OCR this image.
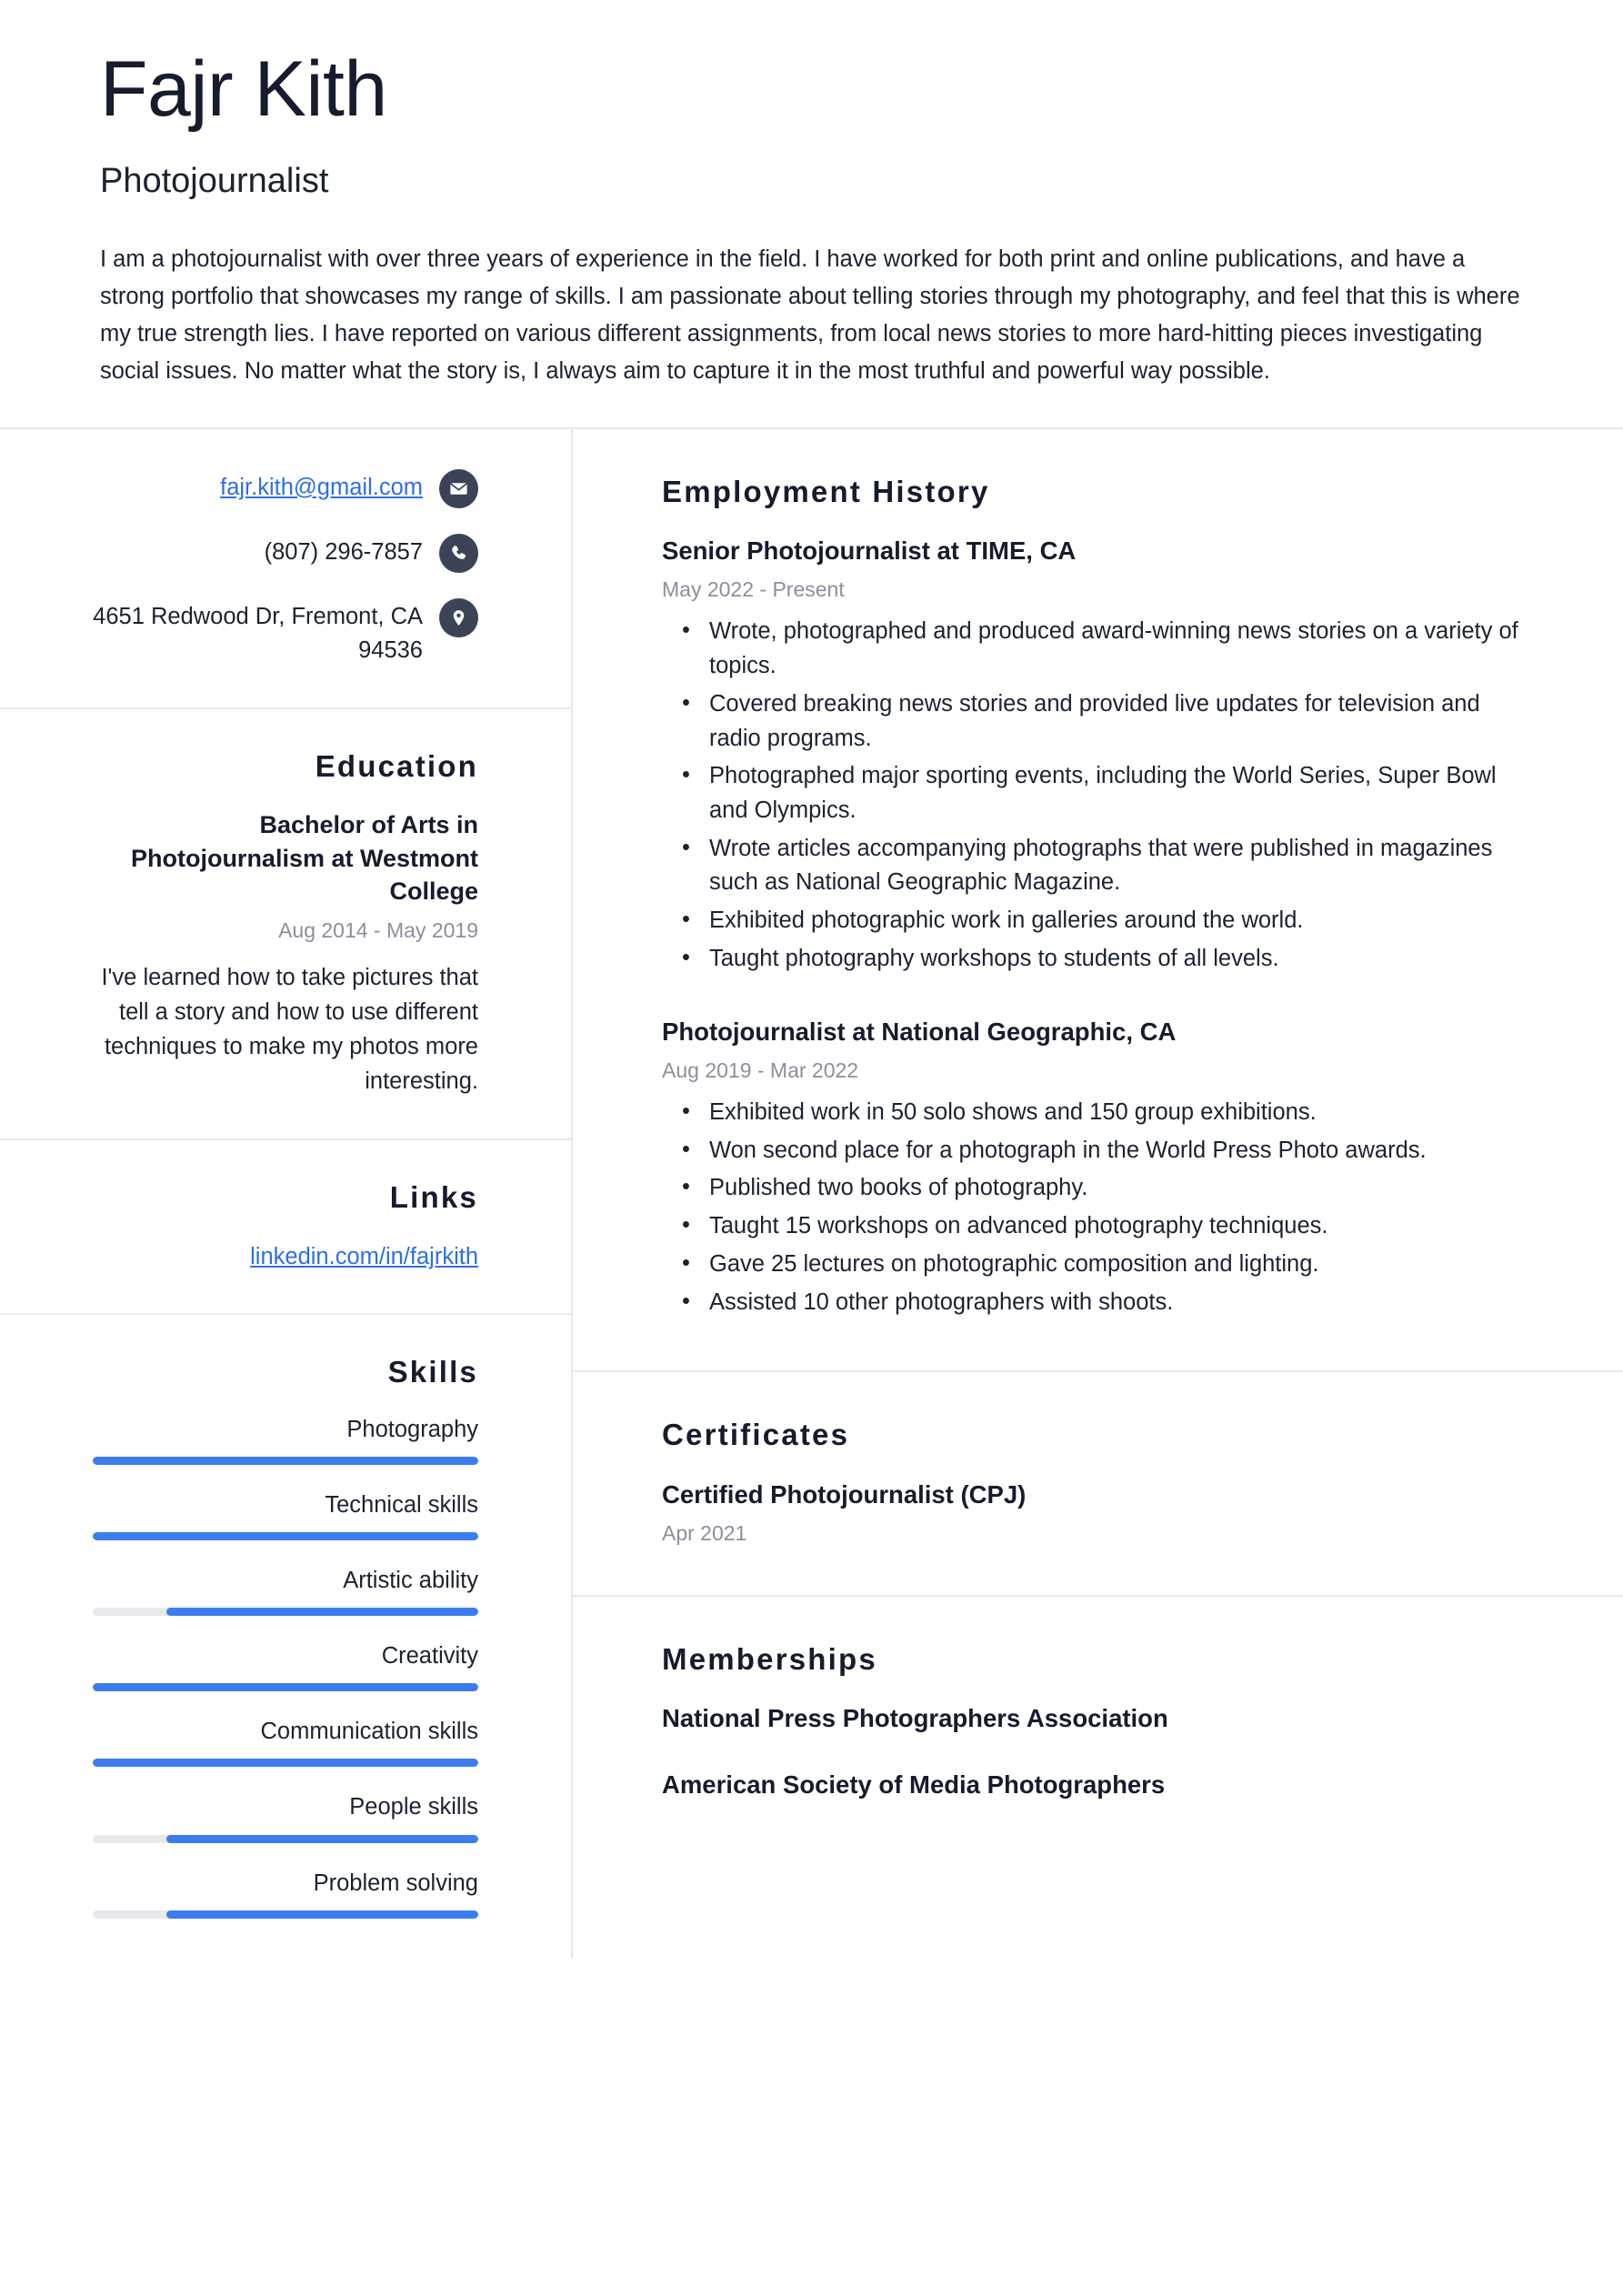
Fajr Kith
Photojournalist

I am a photojournalist with over three years of experience in the field. I have worked for both print and online publications, and have a strong portfolio that showcases my range of skills. I am passionate about telling stories through my photography, and feel that this is where my true strength lies. I have reported on various different assignments, from local news stories to more hard-hitting pieces investigating social issues. No matter what the story is, I always aim to capture it in the most truthful and powerful way possible.

fajr.kith@gmail.com
(807) 296-7857
4651 Redwood Dr, Fremont, CA 94536
Education
Bachelor of Arts in Photojournalism at Westmont College
Aug 2014 - May 2019
I've learned how to take pictures that tell a story and how to use different techniques to make my photos more interesting.
Links
linkedin.com/in/fajrkith
Skills
Photography
Technical skills
Artistic ability
Creativity
Communication skills
People skills
Problem solving
Employment History
Senior Photojournalist at TIME, CA
May 2022 - Present
• Wrote, photographed and produced award-winning news stories on a variety of topics.
• Covered breaking news stories and provided live updates for television and radio programs.
• Photographed major sporting events, including the World Series, Super Bowl and Olympics.
• Wrote articles accompanying photographs that were published in magazines such as National Geographic Magazine.
• Exhibited photographic work in galleries around the world.
• Taught photography workshops to students of all levels.
Photojournalist at National Geographic, CA
Aug 2019 - Mar 2022
• Exhibited work in 50 solo shows and 150 group exhibitions.
• Won second place for a photograph in the World Press Photo awards.
• Published two books of photography.
• Taught 15 workshops on advanced photography techniques.
• Gave 25 lectures on photographic composition and lighting.
• Assisted 10 other photographers with shoots.
Certificates
Certified Photojournalist (CPJ)
Apr 2021
Memberships
National Press Photographers Association
American Society of Media Photographers
